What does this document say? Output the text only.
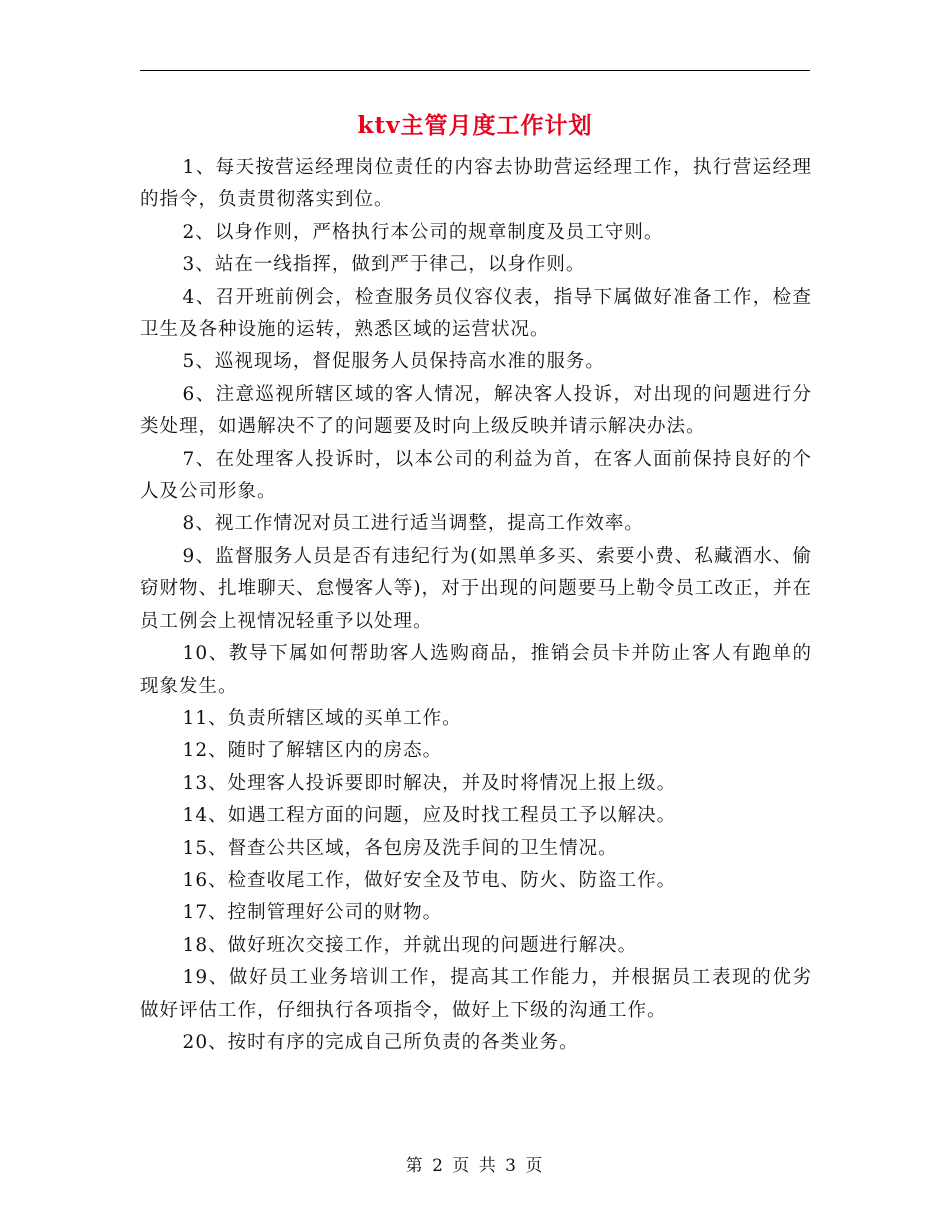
ktv主管月度工作计划

1、每天按营运经理岗位责任的内容去协助营运经理工作，执行营运经理的指令，负责贯彻落实到位。

2、以身作则，严格执行本公司的规章制度及员工守则。

3、站在一线指挥，做到严于律己，以身作则。

4、召开班前例会，检查服务员仪容仪表，指导下属做好准备工作，检查卫生及各种设施的运转，熟悉区域的运营状况。

5、巡视现场，督促服务人员保持高水准的服务。

6、注意巡视所辖区域的客人情况，解决客人投诉，对出现的问题进行分类处理，如遇解决不了的问题要及时向上级反映并请示解决办法。

7、在处理客人投诉时，以本公司的利益为首，在客人面前保持良好的个人及公司形象。

8、视工作情况对员工进行适当调整，提高工作效率。

9、监督服务人员是否有违纪行为(如黑单多买、索要小费、私藏酒水、偷窃财物、扎堆聊天、怠慢客人等)，对于出现的问题要马上勒令员工改正，并在员工例会上视情况轻重予以处理。

10、教导下属如何帮助客人选购商品，推销会员卡并防止客人有跑单的现象发生。

11、负责所辖区域的买单工作。

12、随时了解辖区内的房态。

13、处理客人投诉要即时解决，并及时将情况上报上级。

14、如遇工程方面的问题，应及时找工程员工予以解决。

15、督查公共区域，各包房及洗手间的卫生情况。

16、检查收尾工作，做好安全及节电、防火、防盗工作。

17、控制管理好公司的财物。

18、做好班次交接工作，并就出现的问题进行解决。

19、做好员工业务培训工作，提高其工作能力，并根据员工表现的优劣做好评估工作，仔细执行各项指令，做好上下级的沟通工作。

20、按时有序的完成自己所负责的各类业务。

第 2 页 共 3 页
